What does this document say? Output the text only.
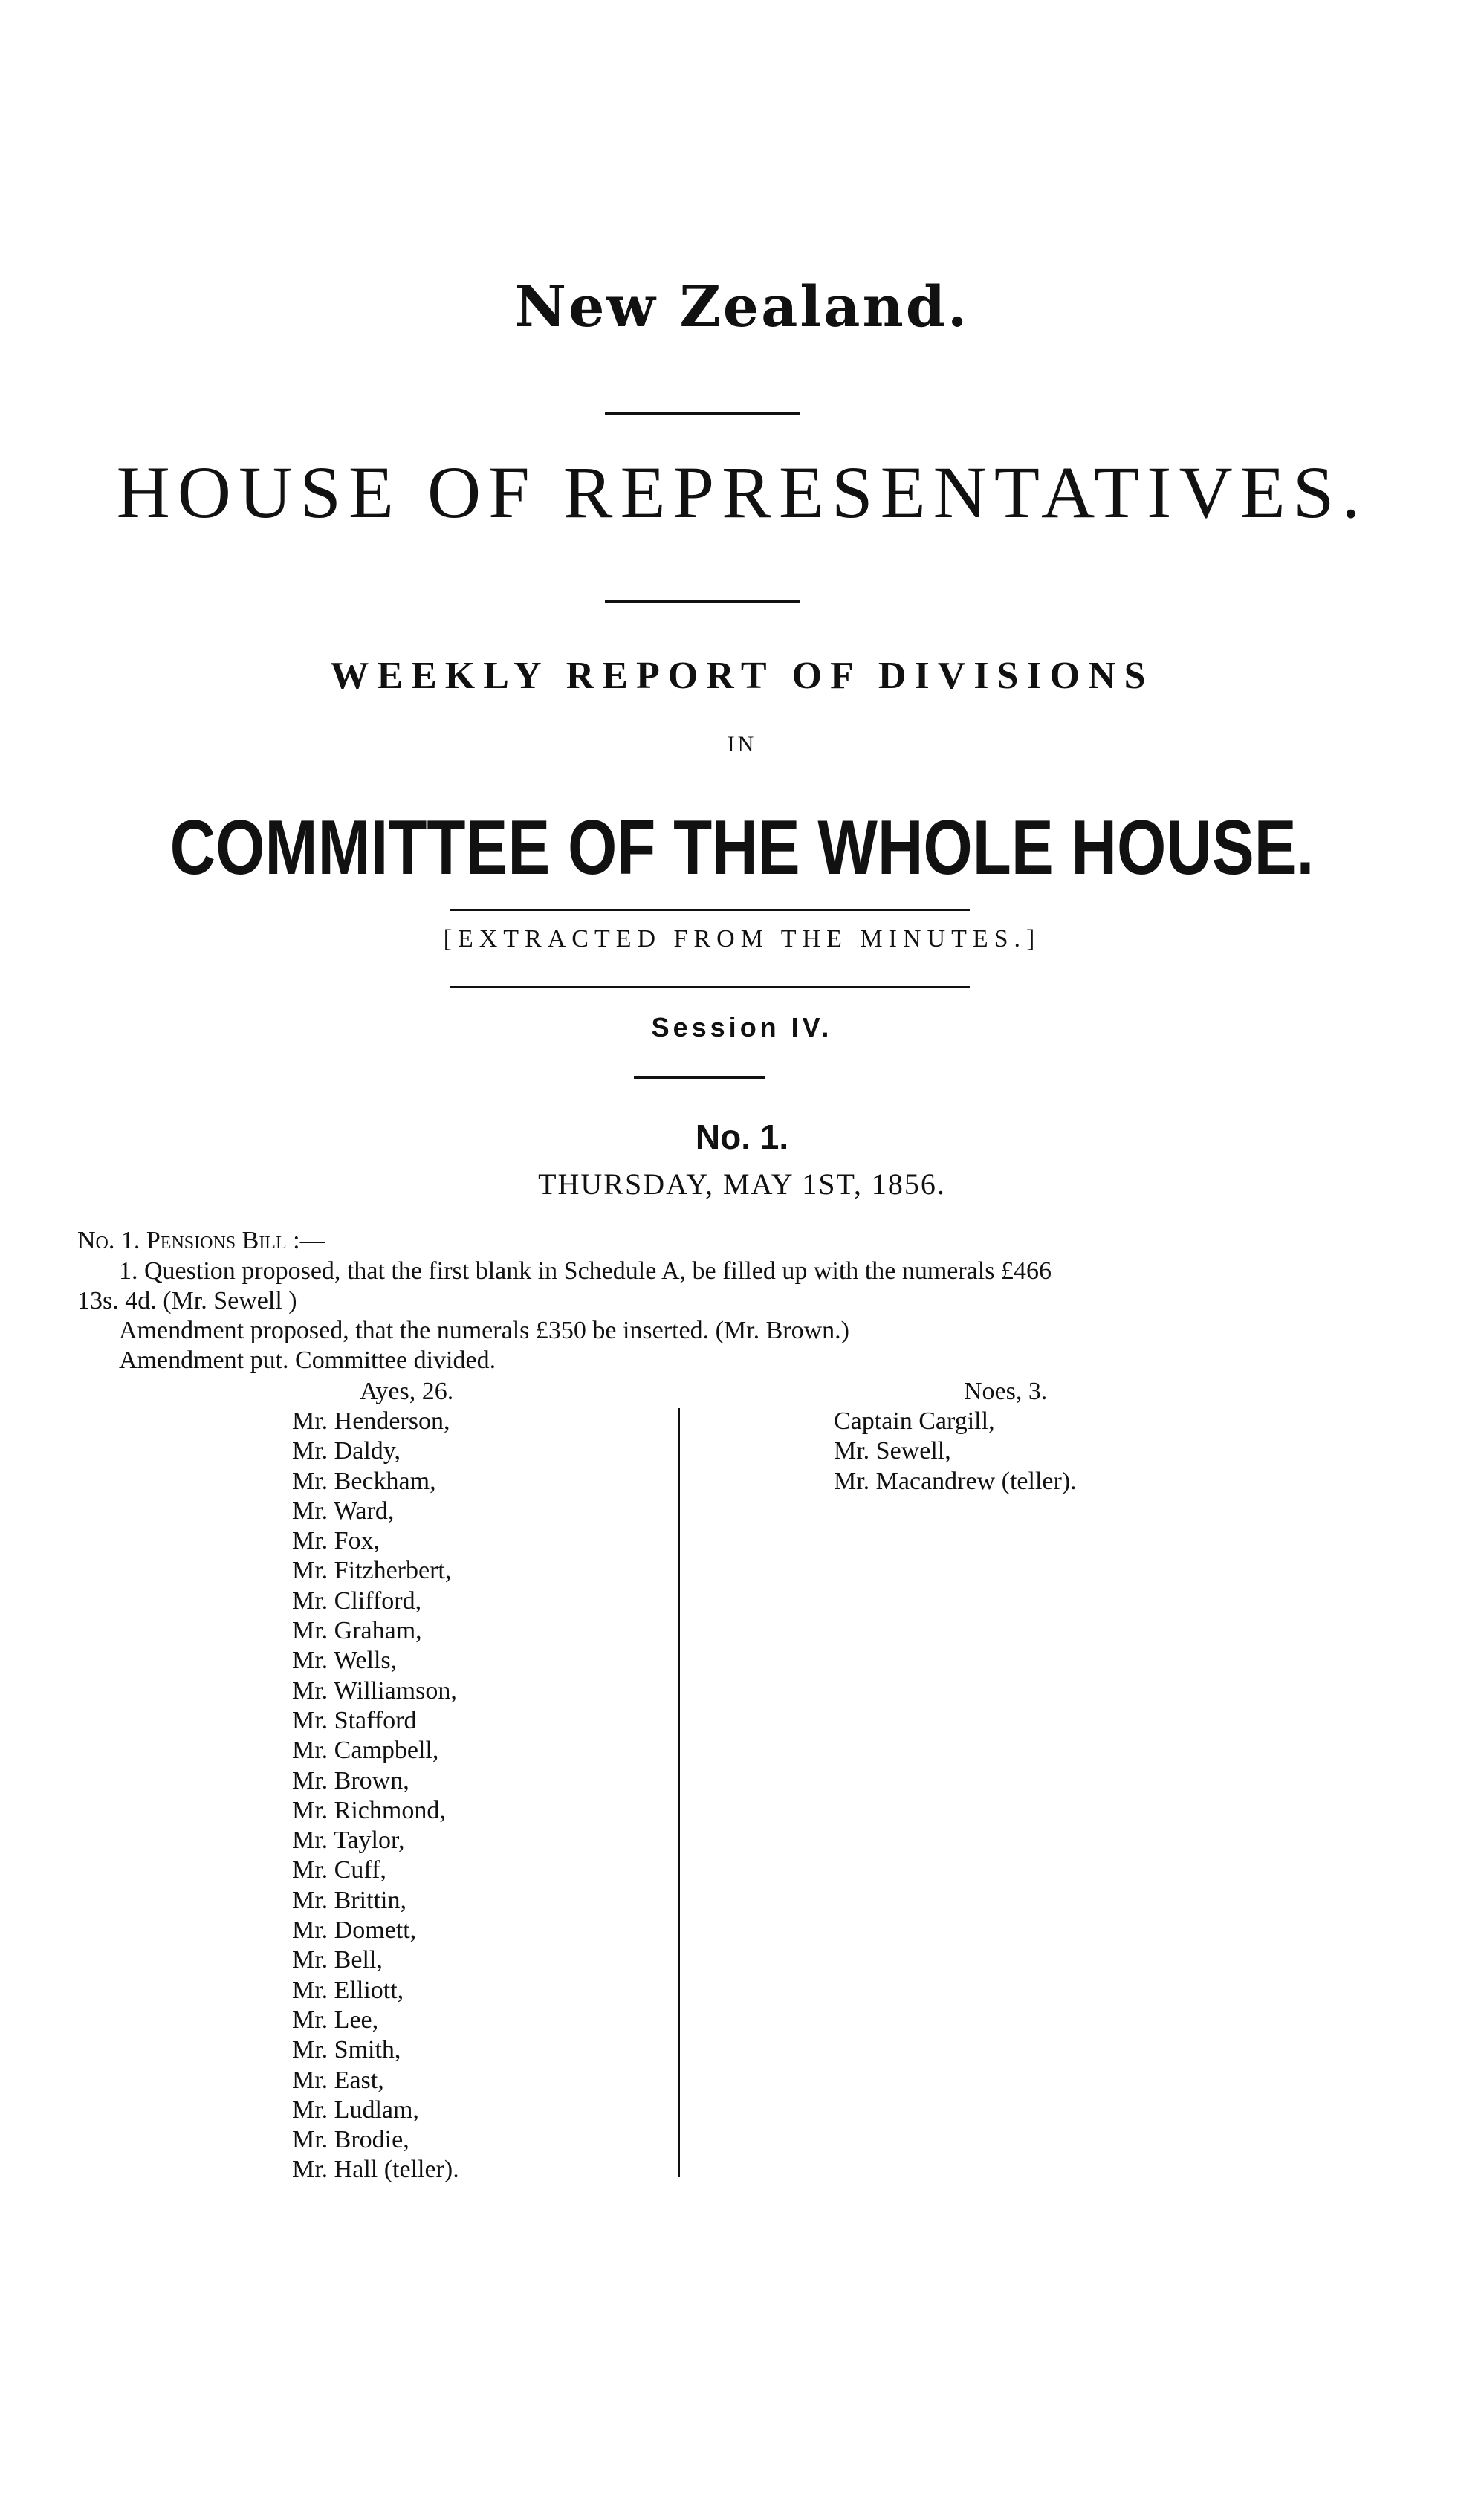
New Zealand.
HOUSE OF REPRESENTATIVES.
WEEKLY REPORT OF DIVISIONS
IN
COMMITTEE OF THE WHOLE HOUSE.
[EXTRACTED FROM THE MINUTES.]
Session IV.
No. 1.
THURSDAY, MAY 1ST, 1856.
No. 1. Pensions Bill :—
1. Question proposed, that the first blank in Schedule A, be filled up with the numerals £466
13s. 4d. (Mr. Sewell )
Amendment proposed, that the numerals £350 be inserted. (Mr. Brown.)
Amendment put. Committee divided.
Ayes, 26.
Mr. Henderson,
Mr. Daldy,
Mr. Beckham,
Mr. Ward,
Mr. Fox,
Mr. Fitzherbert,
Mr. Clifford,
Mr. Graham,
Mr. Wells,
Mr. Williamson,
Mr. Stafford
Mr. Campbell,
Mr. Brown,
Mr. Richmond,
Mr. Taylor,
Mr. Cuff,
Mr. Brittin,
Mr. Domett,
Mr. Bell,
Mr. Elliott,
Mr. Lee,
Mr. Smith,
Mr. East,
Mr. Ludlam,
Mr. Brodie,
Mr. Hall (teller).
Noes, 3.
Captain Cargill,
Mr. Sewell,
Mr. Macandrew (teller).
